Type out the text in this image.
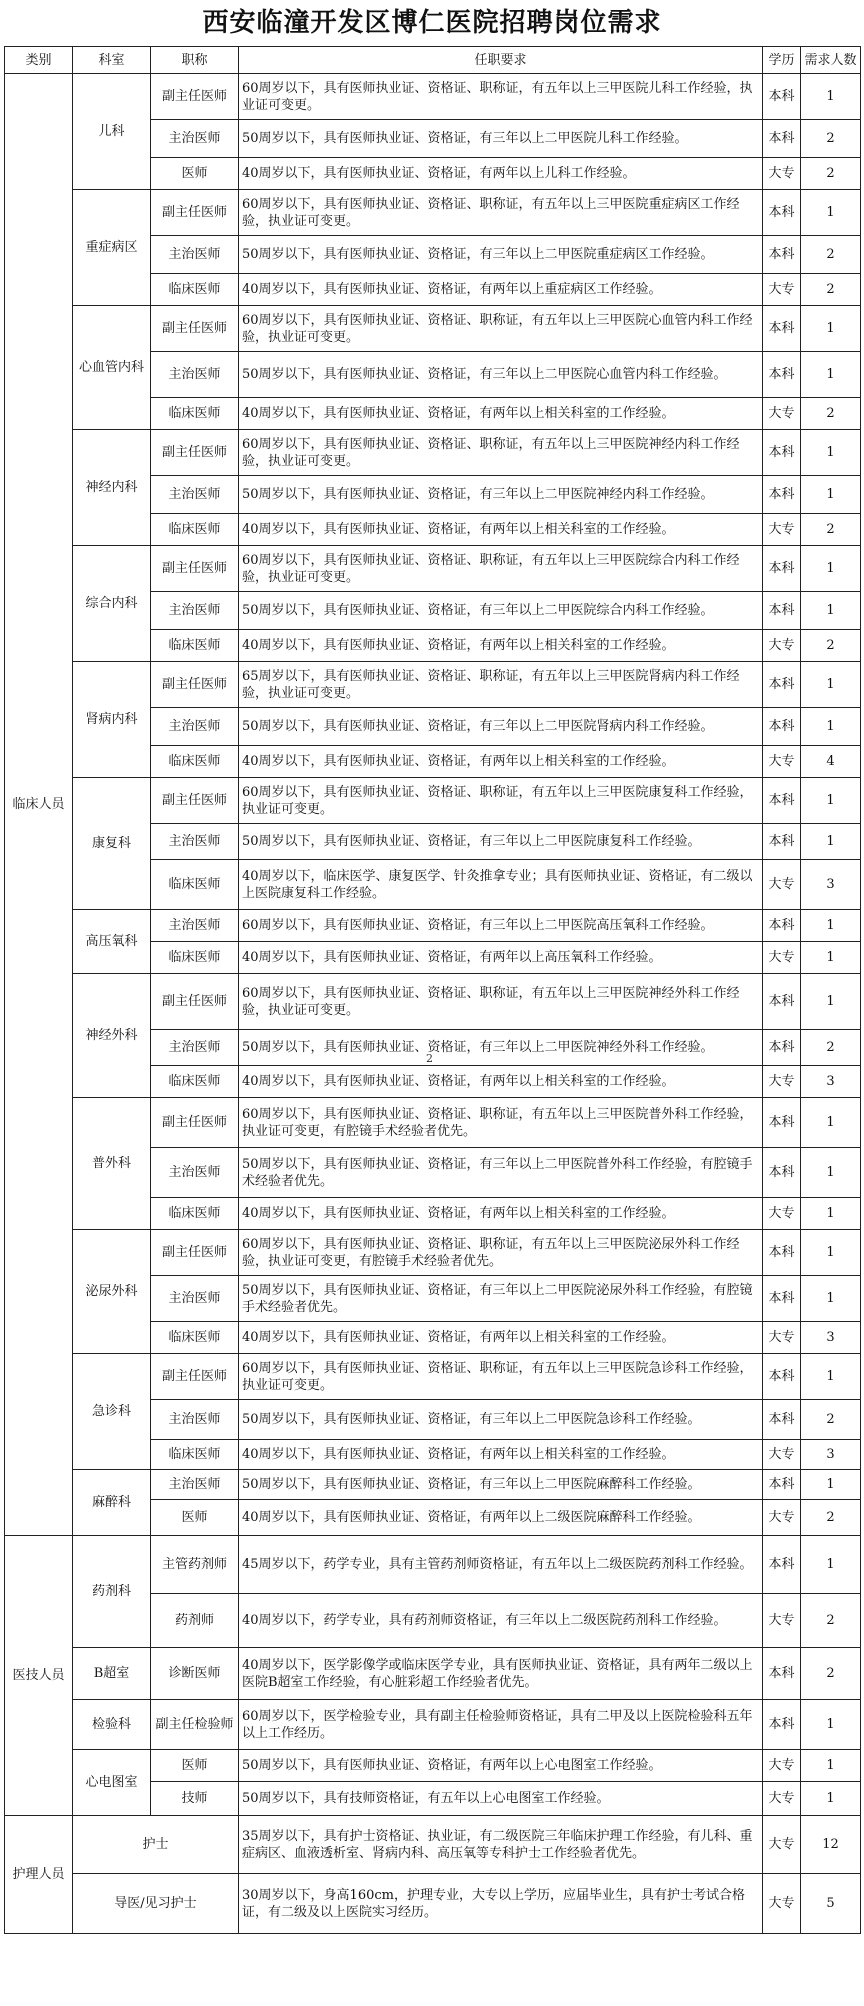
西安临潼开发区博仁医院招聘岗位需求
类别	科室	职称	任职要求	学历	需求人数
临床人员	儿科	副主任医师	60周岁以下，具有医师执业证、资格证、职称证，有五年以上三甲医院儿科工作经验，执业证可变更。	本科	1
		主治医师	50周岁以下，具有医师执业证、资格证，有三年以上二甲医院儿科工作经验。	本科	2
		医师	40周岁以下，具有医师执业证、资格证，有两年以上儿科工作经验。	大专	2
	重症病区	副主任医师	60周岁以下，具有医师执业证、资格证、职称证，有五年以上三甲医院重症病区工作经验，执业证可变更。	本科	1
		主治医师	50周岁以下，具有医师执业证、资格证，有三年以上二甲医院重症病区工作经验。	本科	2
		临床医师	40周岁以下，具有医师执业证、资格证，有两年以上重症病区工作经验。	大专	2
	心血管内科	副主任医师	60周岁以下，具有医师执业证、资格证、职称证，有五年以上三甲医院心血管内科工作经验，执业证可变更。	本科	1
		主治医师	50周岁以下，具有医师执业证、资格证，有三年以上二甲医院心血管内科工作经验。	本科	1
		临床医师	40周岁以下，具有医师执业证、资格证，有两年以上相关科室的工作经验。	大专	2
	神经内科	副主任医师	60周岁以下，具有医师执业证、资格证、职称证，有五年以上三甲医院神经内科工作经验，执业证可变更。	本科	1
		主治医师	50周岁以下，具有医师执业证、资格证，有三年以上二甲医院神经内科工作经验。	本科	1
		临床医师	40周岁以下，具有医师执业证、资格证，有两年以上相关科室的工作经验。	大专	2
	综合内科	副主任医师	60周岁以下，具有医师执业证、资格证、职称证，有五年以上三甲医院综合内科工作经验，执业证可变更。	本科	1
		主治医师	50周岁以下，具有医师执业证、资格证，有三年以上二甲医院综合内科工作经验。	本科	1
		临床医师	40周岁以下，具有医师执业证、资格证，有两年以上相关科室的工作经验。	大专	2
	肾病内科	副主任医师	65周岁以下，具有医师执业证、资格证、职称证，有五年以上三甲医院肾病内科工作经验，执业证可变更。	本科	1
		主治医师	50周岁以下，具有医师执业证、资格证，有三年以上二甲医院肾病内科工作经验。	本科	1
		临床医师	40周岁以下，具有医师执业证、资格证，有两年以上相关科室的工作经验。	大专	4
	康复科	副主任医师	60周岁以下，具有医师执业证、资格证、职称证，有五年以上三甲医院康复科工作经验，执业证可变更。	本科	1
		主治医师	50周岁以下，具有医师执业证、资格证，有三年以上二甲医院康复科工作经验。	本科	1
		临床医师	40周岁以下，临床医学、康复医学、针灸推拿专业；具有医师执业证、资格证，有二级以上医院康复科工作经验。	大专	3
	高压氧科	主治医师	60周岁以下，具有医师执业证、资格证，有三年以上二甲医院高压氧科工作经验。	本科	1
		临床医师	40周岁以下，具有医师执业证、资格证，有两年以上高压氧科工作经验。	大专	1
	神经外科	副主任医师	60周岁以下，具有医师执业证、资格证、职称证，有五年以上三甲医院神经外科工作经验，执业证可变更。	本科	1
		主治医师	50周岁以下，具有医师执业证、资格证，有三年以上二甲医院神经外科工作经验。	本科	2
		临床医师	40周岁以下，具有医师执业证、资格证，有两年以上相关科室的工作经验。	大专	3
	普外科	副主任医师	60周岁以下，具有医师执业证、资格证、职称证，有五年以上三甲医院普外科工作经验，执业证可变更，有腔镜手术经验者优先。	本科	1
		主治医师	50周岁以下，具有医师执业证、资格证，有三年以上二甲医院普外科工作经验，有腔镜手术经验者优先。	本科	1
		临床医师	40周岁以下，具有医师执业证、资格证，有两年以上相关科室的工作经验。	大专	1
	泌尿外科	副主任医师	60周岁以下，具有医师执业证、资格证、职称证，有五年以上三甲医院泌尿外科工作经验，执业证可变更，有腔镜手术经验者优先。	本科	1
		主治医师	50周岁以下，具有医师执业证、资格证，有三年以上二甲医院泌尿外科工作经验，有腔镜手术经验者优先。	本科	1
		临床医师	40周岁以下，具有医师执业证、资格证，有两年以上相关科室的工作经验。	大专	3
	急诊科	副主任医师	60周岁以下，具有医师执业证、资格证、职称证，有五年以上三甲医院急诊科工作经验，执业证可变更。	本科	1
		主治医师	50周岁以下，具有医师执业证、资格证，有三年以上二甲医院急诊科工作经验。	本科	2
		临床医师	40周岁以下，具有医师执业证、资格证，有两年以上相关科室的工作经验。	大专	3
	麻醉科	主治医师	50周岁以下，具有医师执业证、资格证，有三年以上二甲医院麻醉科工作经验。	本科	1
		医师	40周岁以下，具有医师执业证、资格证，有两年以上二级医院麻醉科工作经验。	大专	2
医技人员	药剂科	主管药剂师	45周岁以下，药学专业，具有主管药剂师资格证，有五年以上二级医院药剂科工作经验。	本科	1
		药剂师	40周岁以下，药学专业，具有药剂师资格证，有三年以上二级医院药剂科工作经验。	大专	2
	B超室	诊断医师	40周岁以下，医学影像学或临床医学专业，具有医师执业证、资格证，具有两年二级以上医院B超室工作经验，有心脏彩超工作经验者优先。	本科	2
	检验科	副主任检验师	60周岁以下，医学检验专业，具有副主任检验师资格证，具有二甲及以上医院检验科五年以上工作经历。	本科	1
	心电图室	医师	50周岁以下，具有医师执业证、资格证，有两年以上心电图室工作经验。	大专	1
		技师	50周岁以下，具有技师资格证，有五年以上心电图室工作经验。	大专	1
护理人员	护士		35周岁以下，具有护士资格证、执业证，有二级医院三年临床护理工作经验，有儿科、重症病区、血液透析室、肾病内科、高压氧等专科护士工作经验者优先。	大专	12
	导医/见习护士		30周岁以下，身高160cm，护理专业，大专以上学历，应届毕业生，具有护士考试合格证，有二级及以上医院实习经历。	大专	5
2
